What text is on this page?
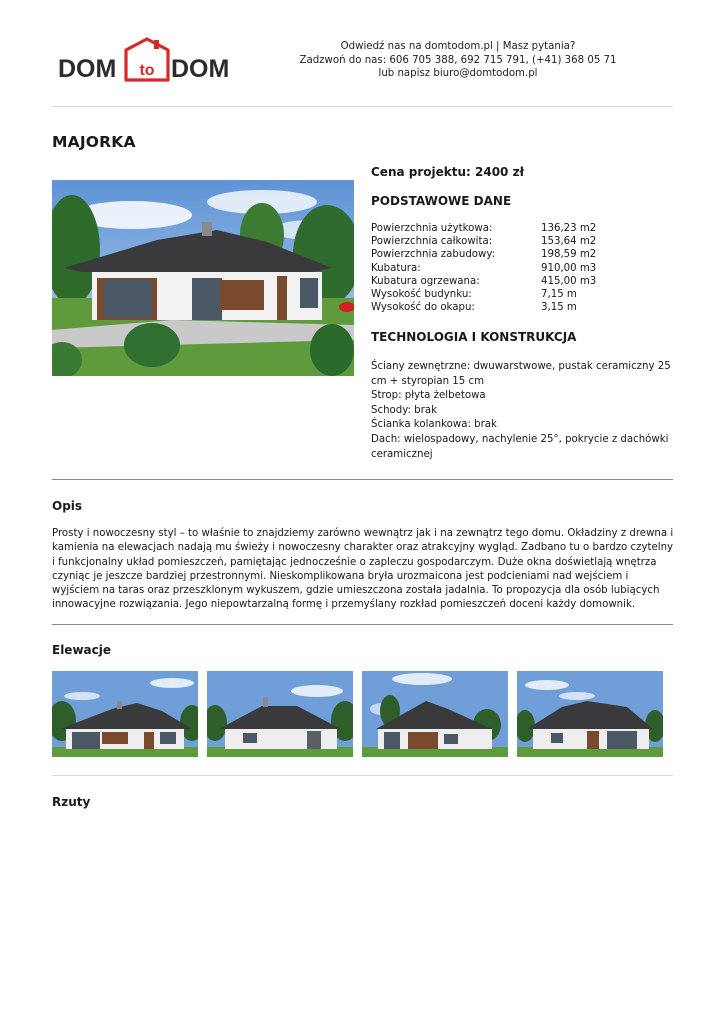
DOM to DOM
Odwiedź nas na domtodom.pl | Masz pytania?
Zadzwoń do nas: 606 705 388, 692 715 791, (+41) 368 05 71
lub napisz biuro@domtodom.pl
MAJORKA
Cena projektu: 2400 zł
PODSTAWOWE DANE
Powierzchnia użytkowa:	136,23 m2
Powierzchnia całkowita:	153,64 m2
Powierzchnia zabudowy:	198,59 m2
Kubatura:	910,00 m3
Kubatura ogrzewana:	415,00 m3
Wysokość budynku:	7,15 m
Wysokość do okapu:	3,15 m
TECHNOLOGIA I KONSTRUKCJA
Ściany zewnętrzne: dwuwarstwowe, pustak ceramiczny 25 cm + styropian 15 cm
Strop: płyta żelbetowa
Schody: brak
Ścianka kolankowa: brak
Dach: wielospadowy, nachylenie 25°, pokrycie z dachówki ceramicznej
Opis
Prosty i nowoczesny styl – to właśnie to znajdziemy zarówno wewnątrz jak i na zewnątrz tego domu. Okładziny z drewna i kamienia na elewacjach nadają mu świeży i nowoczesny charakter oraz atrakcyjny wygląd. Zadbano tu o bardzo czytelny i funkcjonalny układ pomieszczeń, pamiętając jednocześnie o zapleczu gospodarczym. Duże okna doświetlają wnętrza czyniąc je jeszcze bardziej przestronnymi. Nieskomplikowana bryła urozmaicona jest podcieniami nad wejściem i wyjściem na taras oraz przeszklonym wykuszem, gdzie umieszczona została jadalnia. To propozycja dla osób lubiących innowacyjne rozwiązania. Jego niepowtarzalną formę i przemyślany rozkład pomieszczeń doceni każdy domownik.
Elewacje
Rzuty
